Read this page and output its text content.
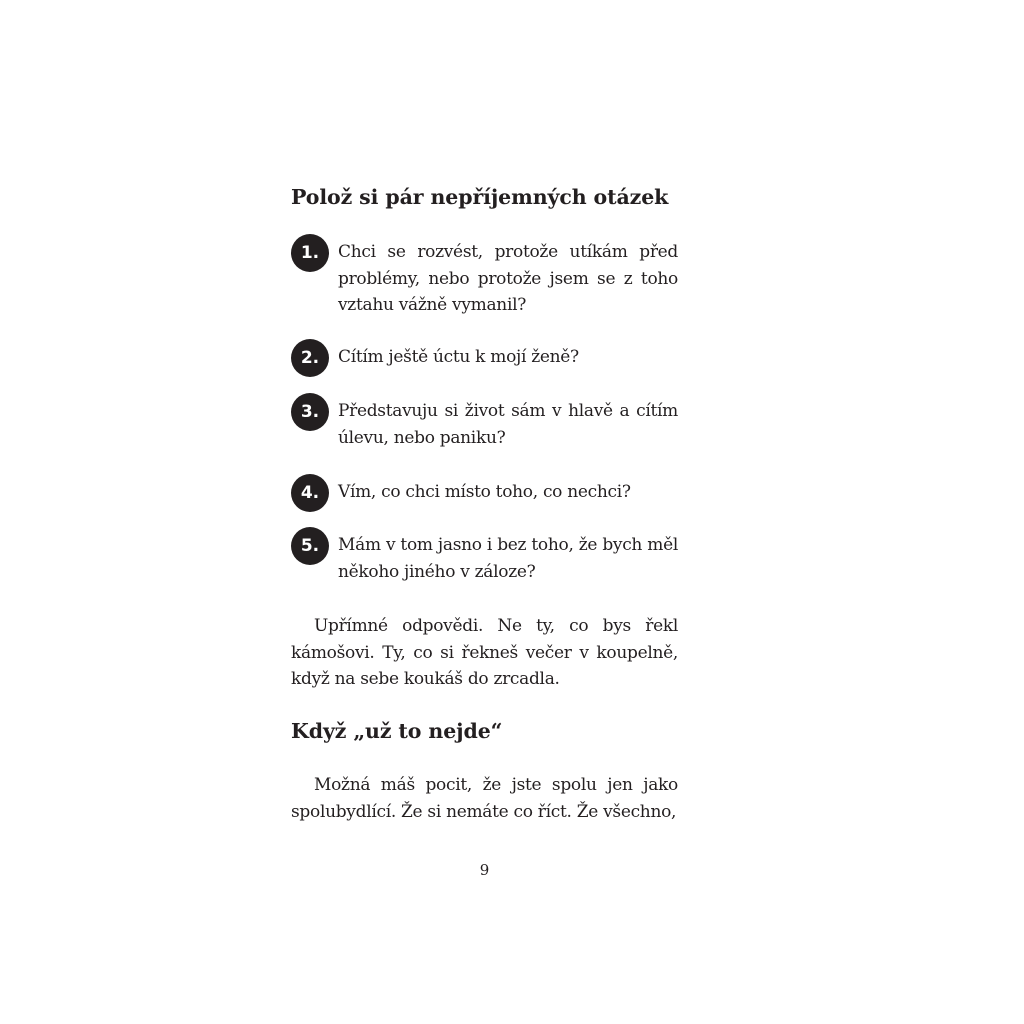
Polož si pár nepříjemných otázek
1.	Chci se rozvést, protože utíkám před problémy, nebo protože jsem se z toho vztahu vážně vymanil?
2.	Cítím ještě úctu k mojí ženě?
3.	Představuju si život sám v hlavě a cítím úlevu, nebo paniku?
4.	Vím, co chci místo toho, co nechci?
5.	Mám v tom jasno i bez toho, že bych měl někoho jiného v záloze?

Upřímné odpovědi. Ne ty, co bys řekl kámošovi. Ty, co si řekneš večer v koupelně, když na sebe koukáš do zrcadla.

Když „už to nejde“

Možná máš pocit, že jste spolu jen jako spolubydlící. Že si nemáte co říct. Že všechno,

9
